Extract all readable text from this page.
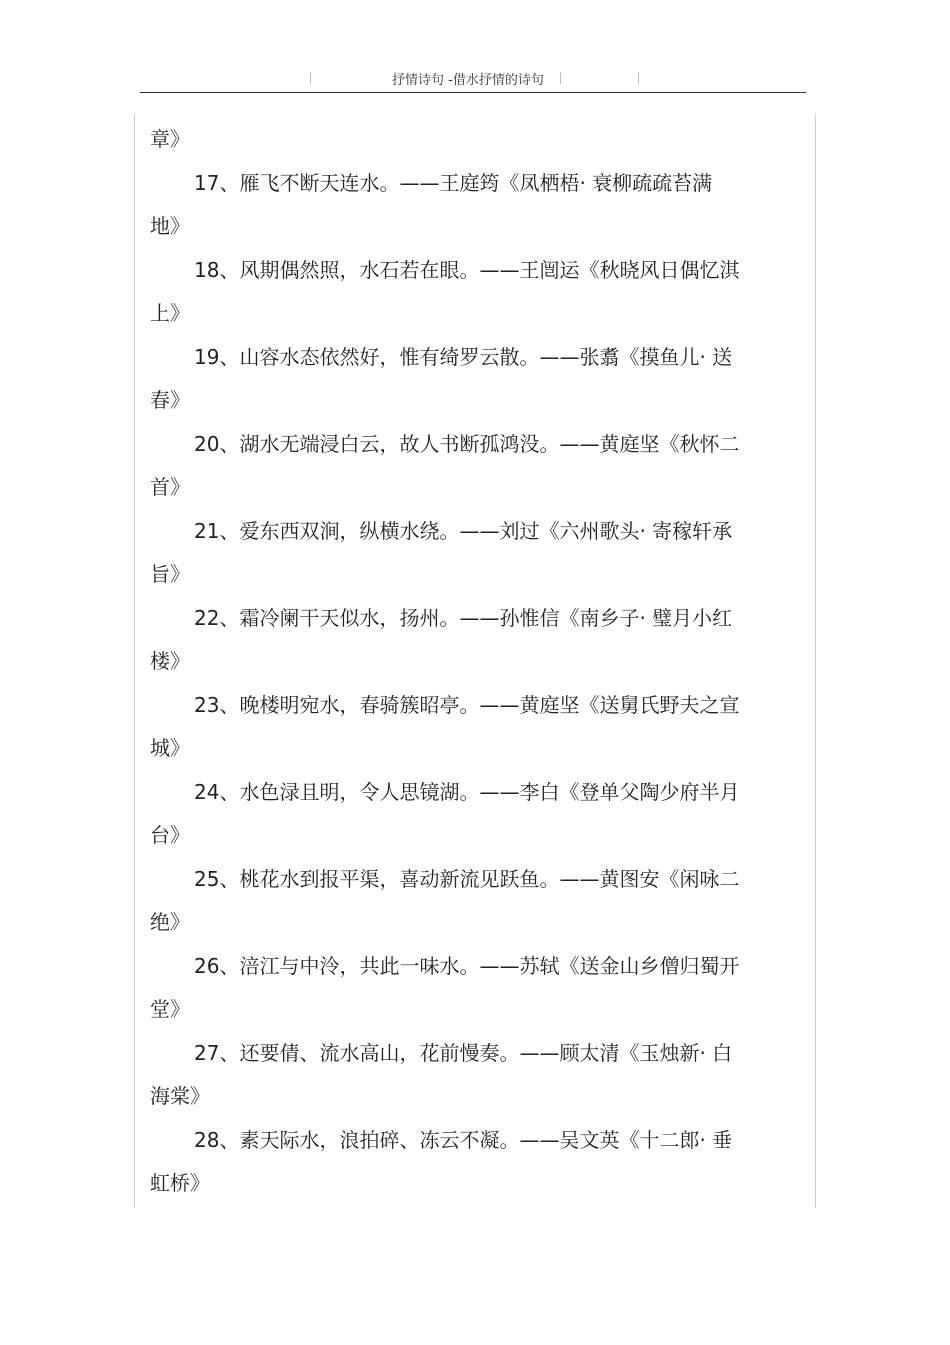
抒情诗句 -借水抒情的诗句

章》

17、雁飞不断天连水。——王庭筠《凤栖梧· 衰柳疏疏苔满
地》

18、风期偶然照，水石若在眼。——王闿运《秋晓风日偶忆淇
上》

19、山容水态依然好，惟有绮罗云散。——张翥《摸鱼儿· 送
春》

20、湖水无端浸白云，故人书断孤鸿没。——黄庭坚《秋怀二
首》

21、爱东西双涧，纵横水绕。——刘过《六州歌头· 寄稼轩承
旨》

22、霜冷阑干天似水，扬州。——孙惟信《南乡子· 璧月小红
楼》

23、晚楼明宛水，春骑簇昭亭。——黄庭坚《送舅氏野夫之宣
城》

24、水色渌且明，令人思镜湖。——李白《登单父陶少府半月
台》

25、桃花水到报平渠，喜动新流见跃鱼。——黄图安《闲咏二
绝》

26、涪江与中泠，共此一味水。——苏轼《送金山乡僧归蜀开
堂》

27、还要倩、流水高山，花前慢奏。——顾太清《玉烛新· 白
海棠》

28、素天际水，浪拍碎、冻云不凝。——吴文英《十二郎· 垂
虹桥》
